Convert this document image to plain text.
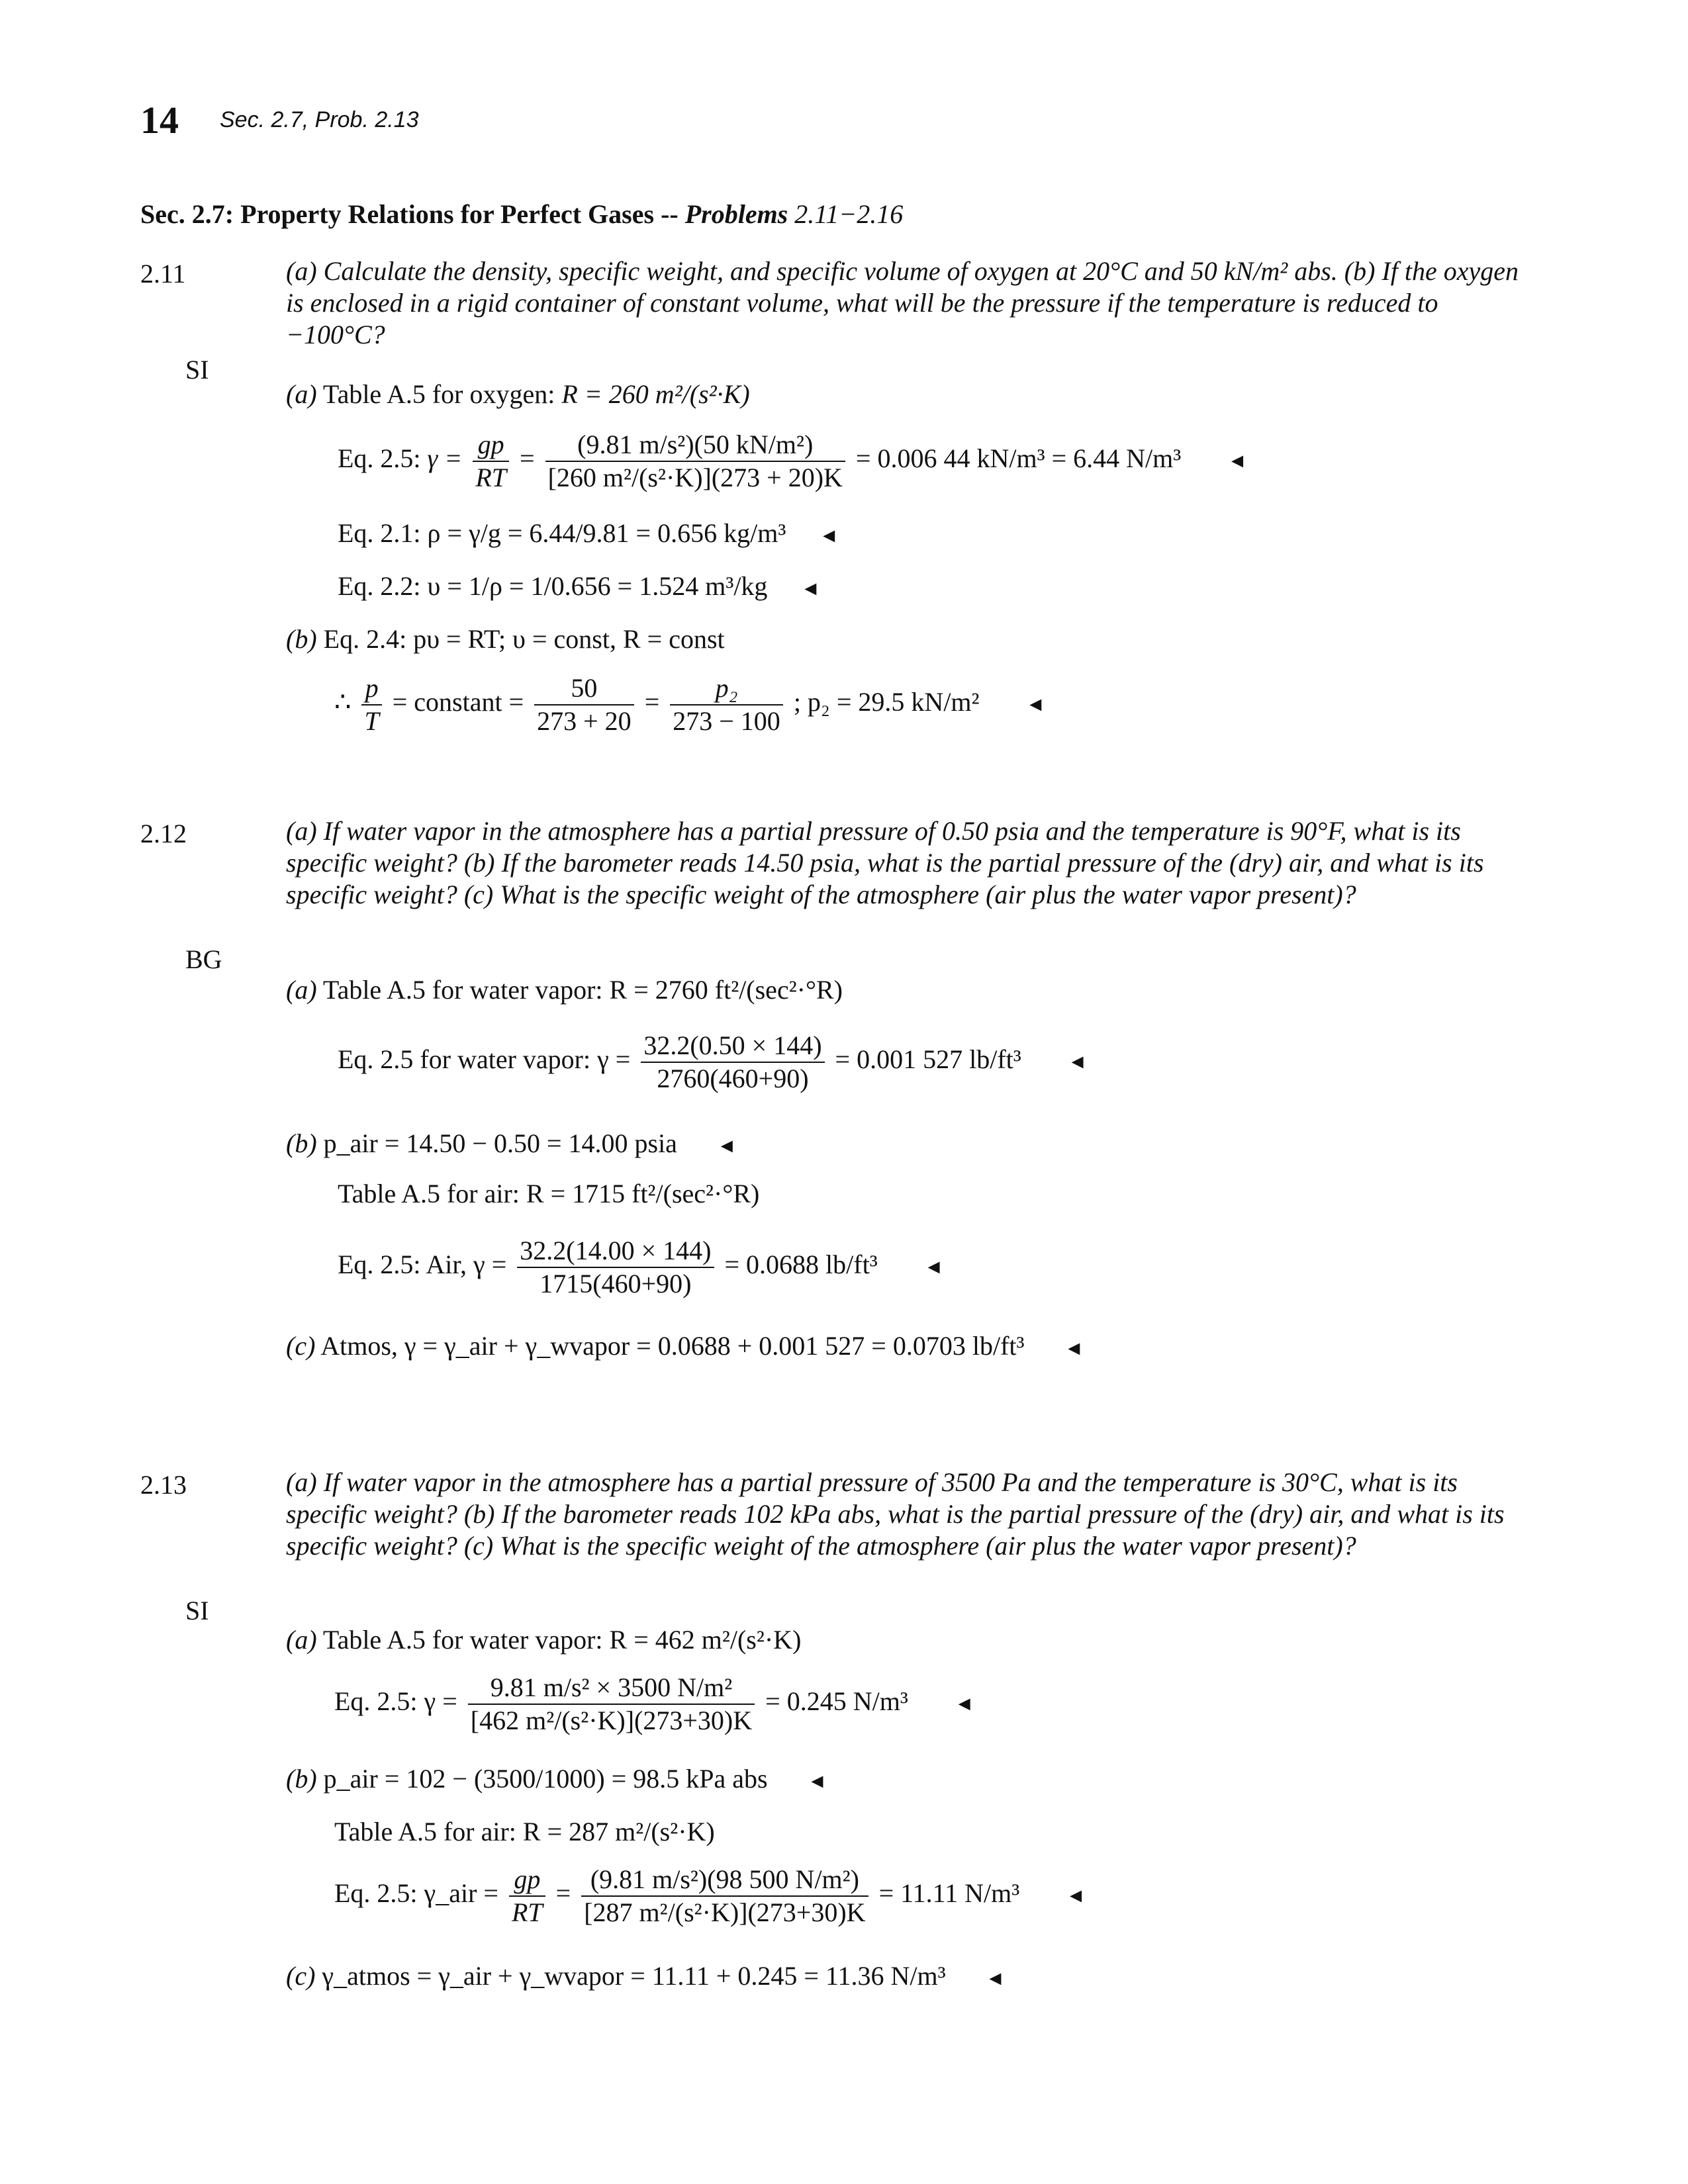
14 Sec. 2.7, Prob. 2.13
Sec. 2.7: Property Relations for Perfect Gases -- Problems 2.11−2.16
2.11
SI
(a) Calculate the density, specific weight, and specific volume of oxygen at 20°C and 50 kN/m² abs. (b) If the oxygen is enclosed in a rigid container of constant volume, what will be the pressure if the temperature is reduced to −100°C?
(a) Table A.5 for oxygen: R = 260 m²/(s²·K)
Eq. 2.5: $\gamma = \frac{gp}{RT} = \frac{\text{(9.81 m/s²)(50 kN/m²)}}{\text{[260 m²/(s²·K)](273 + 20)K}} = 0.006$ 44 kN/m³ = 6.44 N/m³ ◄
Eq. 2.1: ρ = γ/g = 6.44/9.81 = 0.656 kg/m³ ◄
Eq. 2.2: υ = 1/ρ = 1/0.656 = 1.524 m³/kg ◄
(b) Eq. 2.4: pυ = RT; υ = const, R = const
∴ $\frac{p}{T}$ = constant = $\frac{50}{273 + 20} = \frac{\text{p₂}}{273 - 100}$ ; p₂ = 29.5 kN/m² ◄
2.12
BG
(a) If water vapor in the atmosphere has a partial pressure of 0.50 psia and the temperature is 90°F, what is its specific weight? (b) If the barometer reads 14.50 psia, what is the partial pressure of the (dry) air, and what is its specific weight? (c) What is the specific weight of the atmosphere (air plus the water vapor present)?
(a) Table A.5 for water vapor: R = 2760 ft²/(sec²·°R)
Eq. 2.5 for water vapor: $\gamma = \frac{32.2(0.50 \times 144)}{2760(460+90)} = 0.001$ 527 lb/ft³ ◄
(b) p_air = 14.50 − 0.50 = 14.00 psia ◄
Table A.5 for air: R = 1715 ft²/(sec²·°R)
Eq. 2.5: Air, $\gamma = \frac{32.2(14.00 \times 144)}{1715(460+90)} = 0.0688$ lb/ft³ ◄
(c) Atmos, γ = γ_air + γ_wvapor = 0.0688 + 0.001 527 = 0.0703 lb/ft³ ◄
2.13
SI
(a) If water vapor in the atmosphere has a partial pressure of 3500 Pa and the temperature is 30°C, what is its specific weight? (b) If the barometer reads 102 kPa abs, what is the partial pressure of the (dry) air, and what is its specific weight? (c) What is the specific weight of the atmosphere (air plus the water vapor present)?
(a) Table A.5 for water vapor: R = 462 m²/(s²·K)
Eq. 2.5: $\gamma = \frac{\text{9.81 m/s² × 3500 N/m²}}{\text{[462 m²/(s²·K)](273+30)K}} = 0.245$ N/m³ ◄
(b) p_air = 102 − (3500/1000) = 98.5 kPa abs ◄
Table A.5 for air: R = 287 m²/(s²·K)
Eq. 2.5: γ_air = $\frac{gp}{RT} = \frac{\text{(9.81 m/s²)(98 500 N/m²)}}{\text{[287 m²/(s²·K)](273+30)K}} = 11.11$ N/m³ ◄
(c) γ_atmos = γ_air + γ_wvapor = 11.11 + 0.245 = 11.36 N/m³ ◄
